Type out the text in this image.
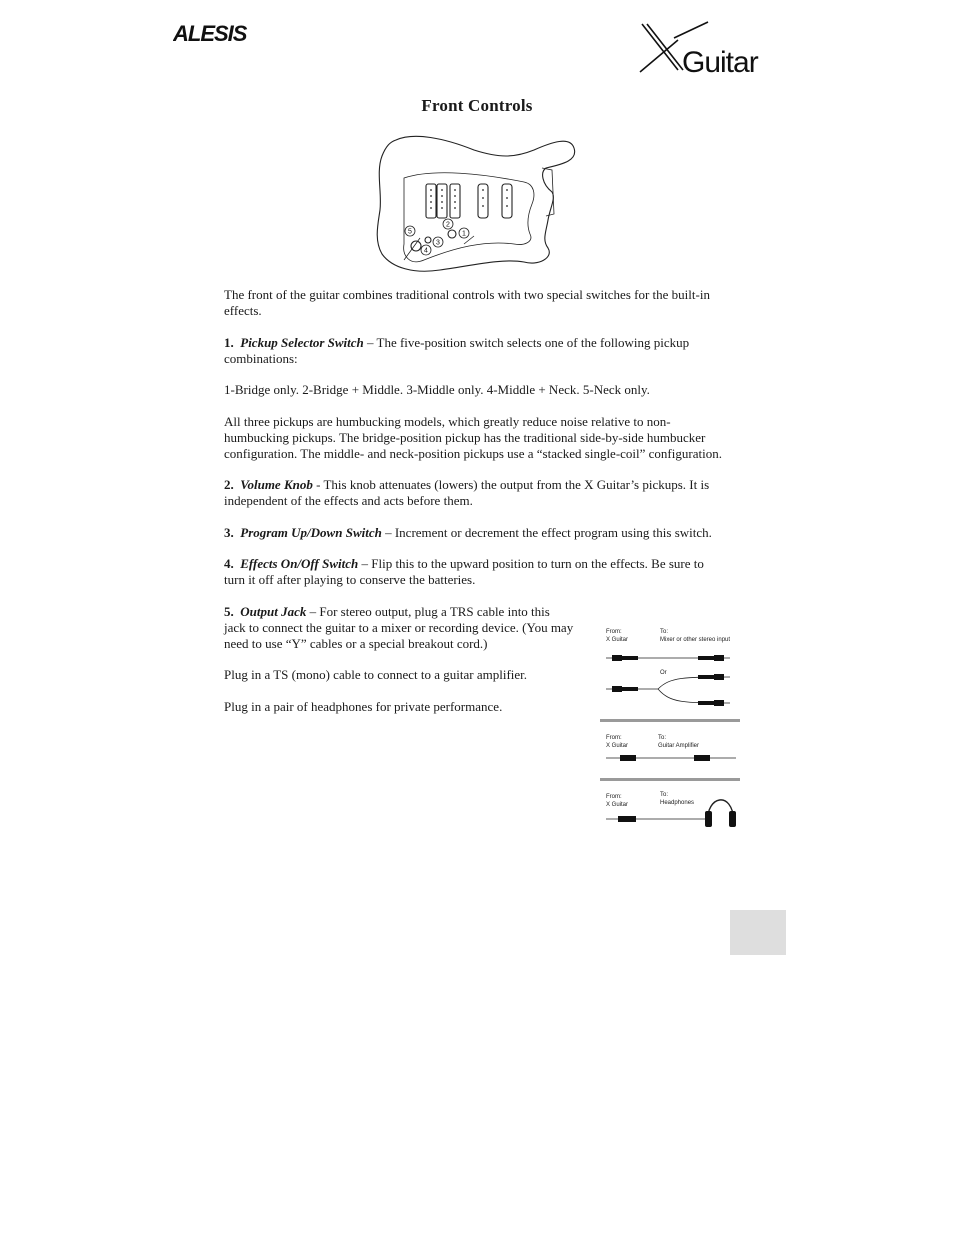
ALESIS
Guitar
Front Controls
1
2
3
4
5

The front of the guitar combines traditional controls with two special switches for the built-in effects.

1. Pickup Selector Switch – The five-position switch selects one of the following pickup combinations:

1-Bridge only. 2-Bridge + Middle. 3-Middle only. 4-Middle + Neck. 5-Neck only.

All three pickups are humbucking models, which greatly reduce noise relative to non-humbucking pickups. The bridge-position pickup has the traditional side-by-side humbucker configuration. The middle- and neck-position pickups use a “stacked single-coil” configuration.

2. Volume Knob - This knob attenuates (lowers) the output from the X Guitar’s pickups. It is independent of the effects and acts before them.

3. Program Up/Down Switch – Increment or decrement the effect program using this switch.

4. Effects On/Off Switch – Flip this to the upward position to turn on the effects. Be sure to turn it off after playing to conserve the batteries.

5. Output Jack – For stereo output, plug a TRS cable into this jack to connect the guitar to a mixer or recording device. (You may need to use “Y” cables or a special breakout cord.)

Plug in a TS (mono) cable to connect to a guitar amplifier.

Plug in a pair of headphones for private performance.

From:
X Guitar
To:
Mixer or other stereo input
Or
From:
X Guitar
To:
Guitar Amplifier
From:
X Guitar
To:
Headphones
